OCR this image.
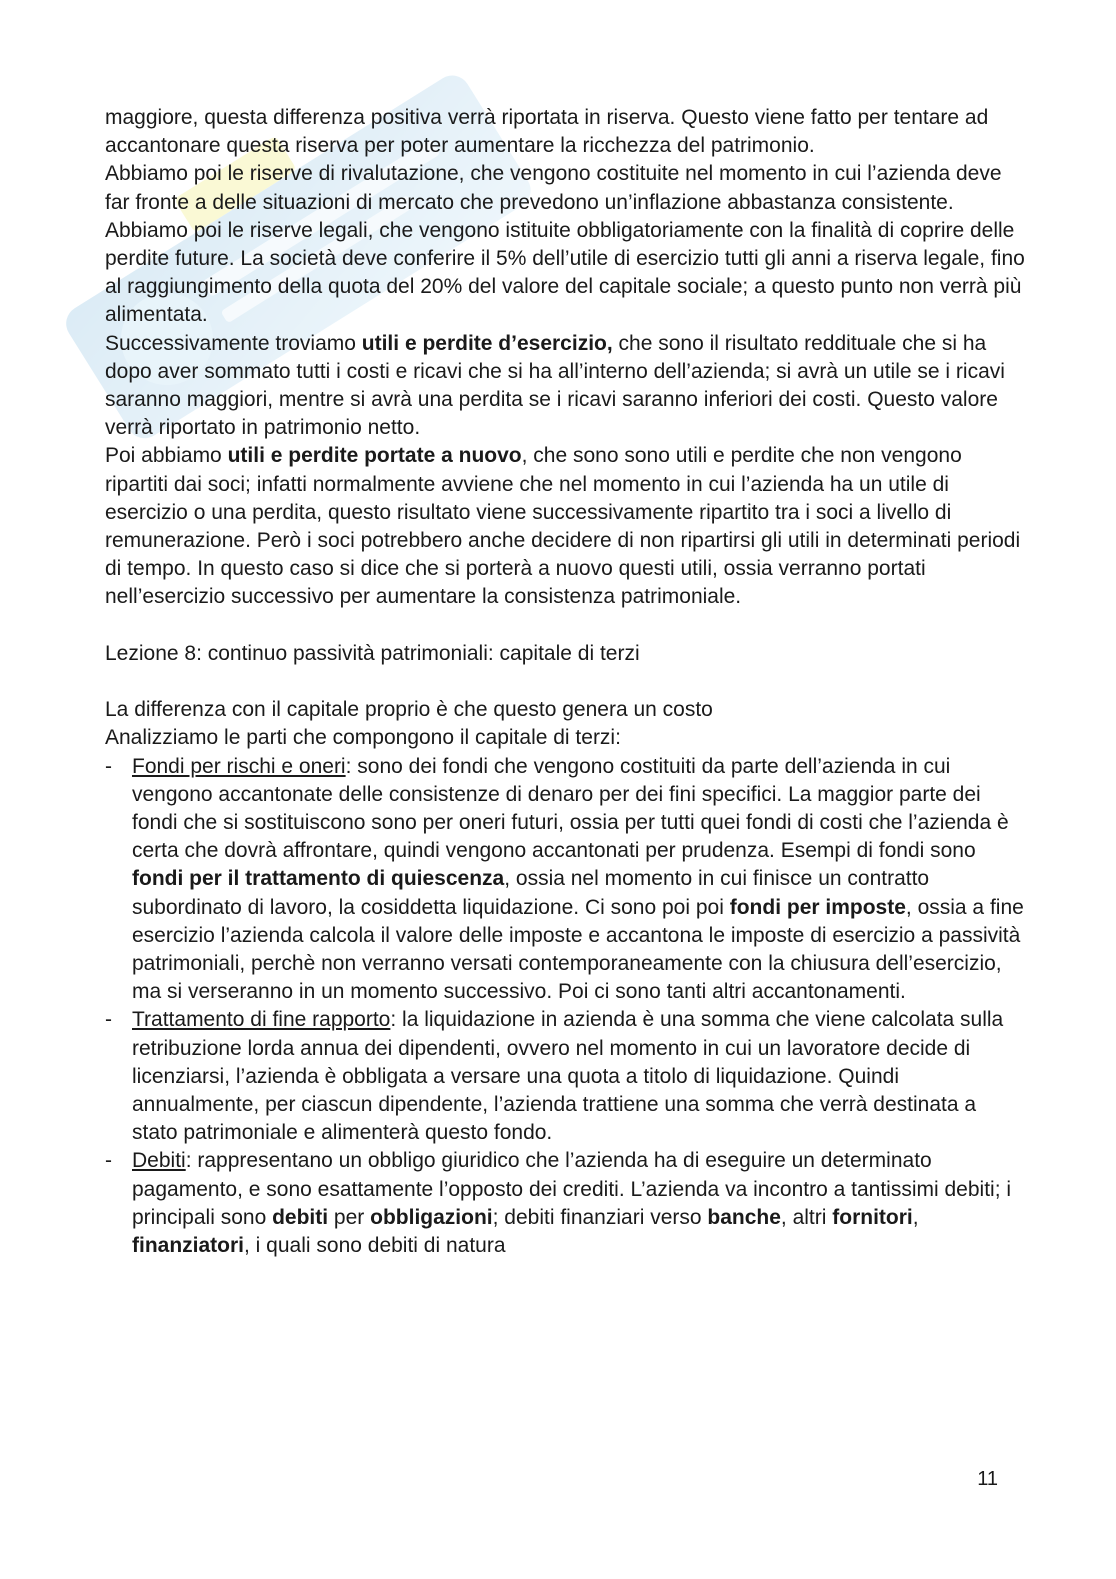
maggiore, questa differenza positiva verrà riportata in riserva. Questo viene fatto per tentare ad accantonare questa riserva per poter aumentare la ricchezza del patrimonio.

Abbiamo poi le riserve di rivalutazione, che vengono costituite nel momento in cui l’azienda deve far fronte a delle situazioni di mercato che prevedono un’inflazione abbastanza consistente.

Abbiamo poi le riserve legali, che vengono istituite obbligatoriamente con la finalità di coprire delle perdite future. La società deve conferire il 5% dell’utile di esercizio tutti gli anni a riserva legale, fino al raggiungimento della quota del 20% del valore del capitale sociale; a questo punto non verrà più alimentata.

Successivamente troviamo utili e perdite d’esercizio, che sono il risultato reddituale che si ha dopo aver sommato tutti i costi e ricavi che si ha all’interno dell’azienda; si avrà un utile se i ricavi saranno maggiori, mentre si avrà una perdita se i ricavi saranno inferiori dei costi. Questo valore verrà riportato in patrimonio netto.

Poi abbiamo utili e perdite portate a nuovo, che sono sono utili e perdite che non vengono ripartiti dai soci; infatti normalmente avviene che nel momento in cui l’azienda ha un utile di esercizio o una perdita, questo risultato viene successivamente ripartito tra i soci a livello di remunerazione. Però i soci potrebbero anche decidere di non ripartirsi gli utili in determinati periodi di tempo. In questo caso si dice che si porterà a nuovo questi utili, ossia verranno portati nell’esercizio successivo per aumentare la consistenza patrimoniale.

Lezione 8: continuo passività patrimoniali: capitale di terzi

La differenza con il capitale proprio è che questo genera un costo

Analizziamo le parti che compongono il capitale di terzi:

- Fondi per rischi e oneri: sono dei fondi che vengono costituiti da parte dell’azienda in cui vengono accantonate delle consistenze di denaro per dei fini specifici. La maggior parte dei fondi che si sostituiscono sono per oneri futuri, ossia per tutti quei fondi di costi che l’azienda è certa che dovrà affrontare, quindi vengono accantonati per prudenza. Esempi di fondi sono fondi per il trattamento di quiescenza, ossia nel momento in cui finisce un contratto subordinato di lavoro, la cosiddetta liquidazione. Ci sono poi poi fondi per imposte, ossia a fine esercizio l’azienda calcola il valore delle imposte e accantona le imposte di esercizio a passività patrimoniali, perchè non verranno versati contemporaneamente con la chiusura dell’esercizio, ma si verseranno in un momento successivo. Poi ci sono tanti altri accantonamenti.
- Trattamento di fine rapporto: la liquidazione in azienda è una somma che viene calcolata sulla retribuzione lorda annua dei dipendenti, ovvero nel momento in cui un lavoratore decide di licenziarsi, l’azienda è obbligata a versare una quota a titolo di liquidazione. Quindi annualmente, per ciascun dipendente, l’azienda trattiene una somma che verrà destinata a stato patrimoniale e alimenterà questo fondo.
- Debiti: rappresentano un obbligo giuridico che l’azienda ha di eseguire un determinato pagamento, e sono esattamente l’opposto dei crediti. L’azienda va incontro a tantissimi debiti; i principali sono debiti per obbligazioni; debiti finanziari verso banche, altri fornitori, finanziatori, i quali sono debiti di natura
11
